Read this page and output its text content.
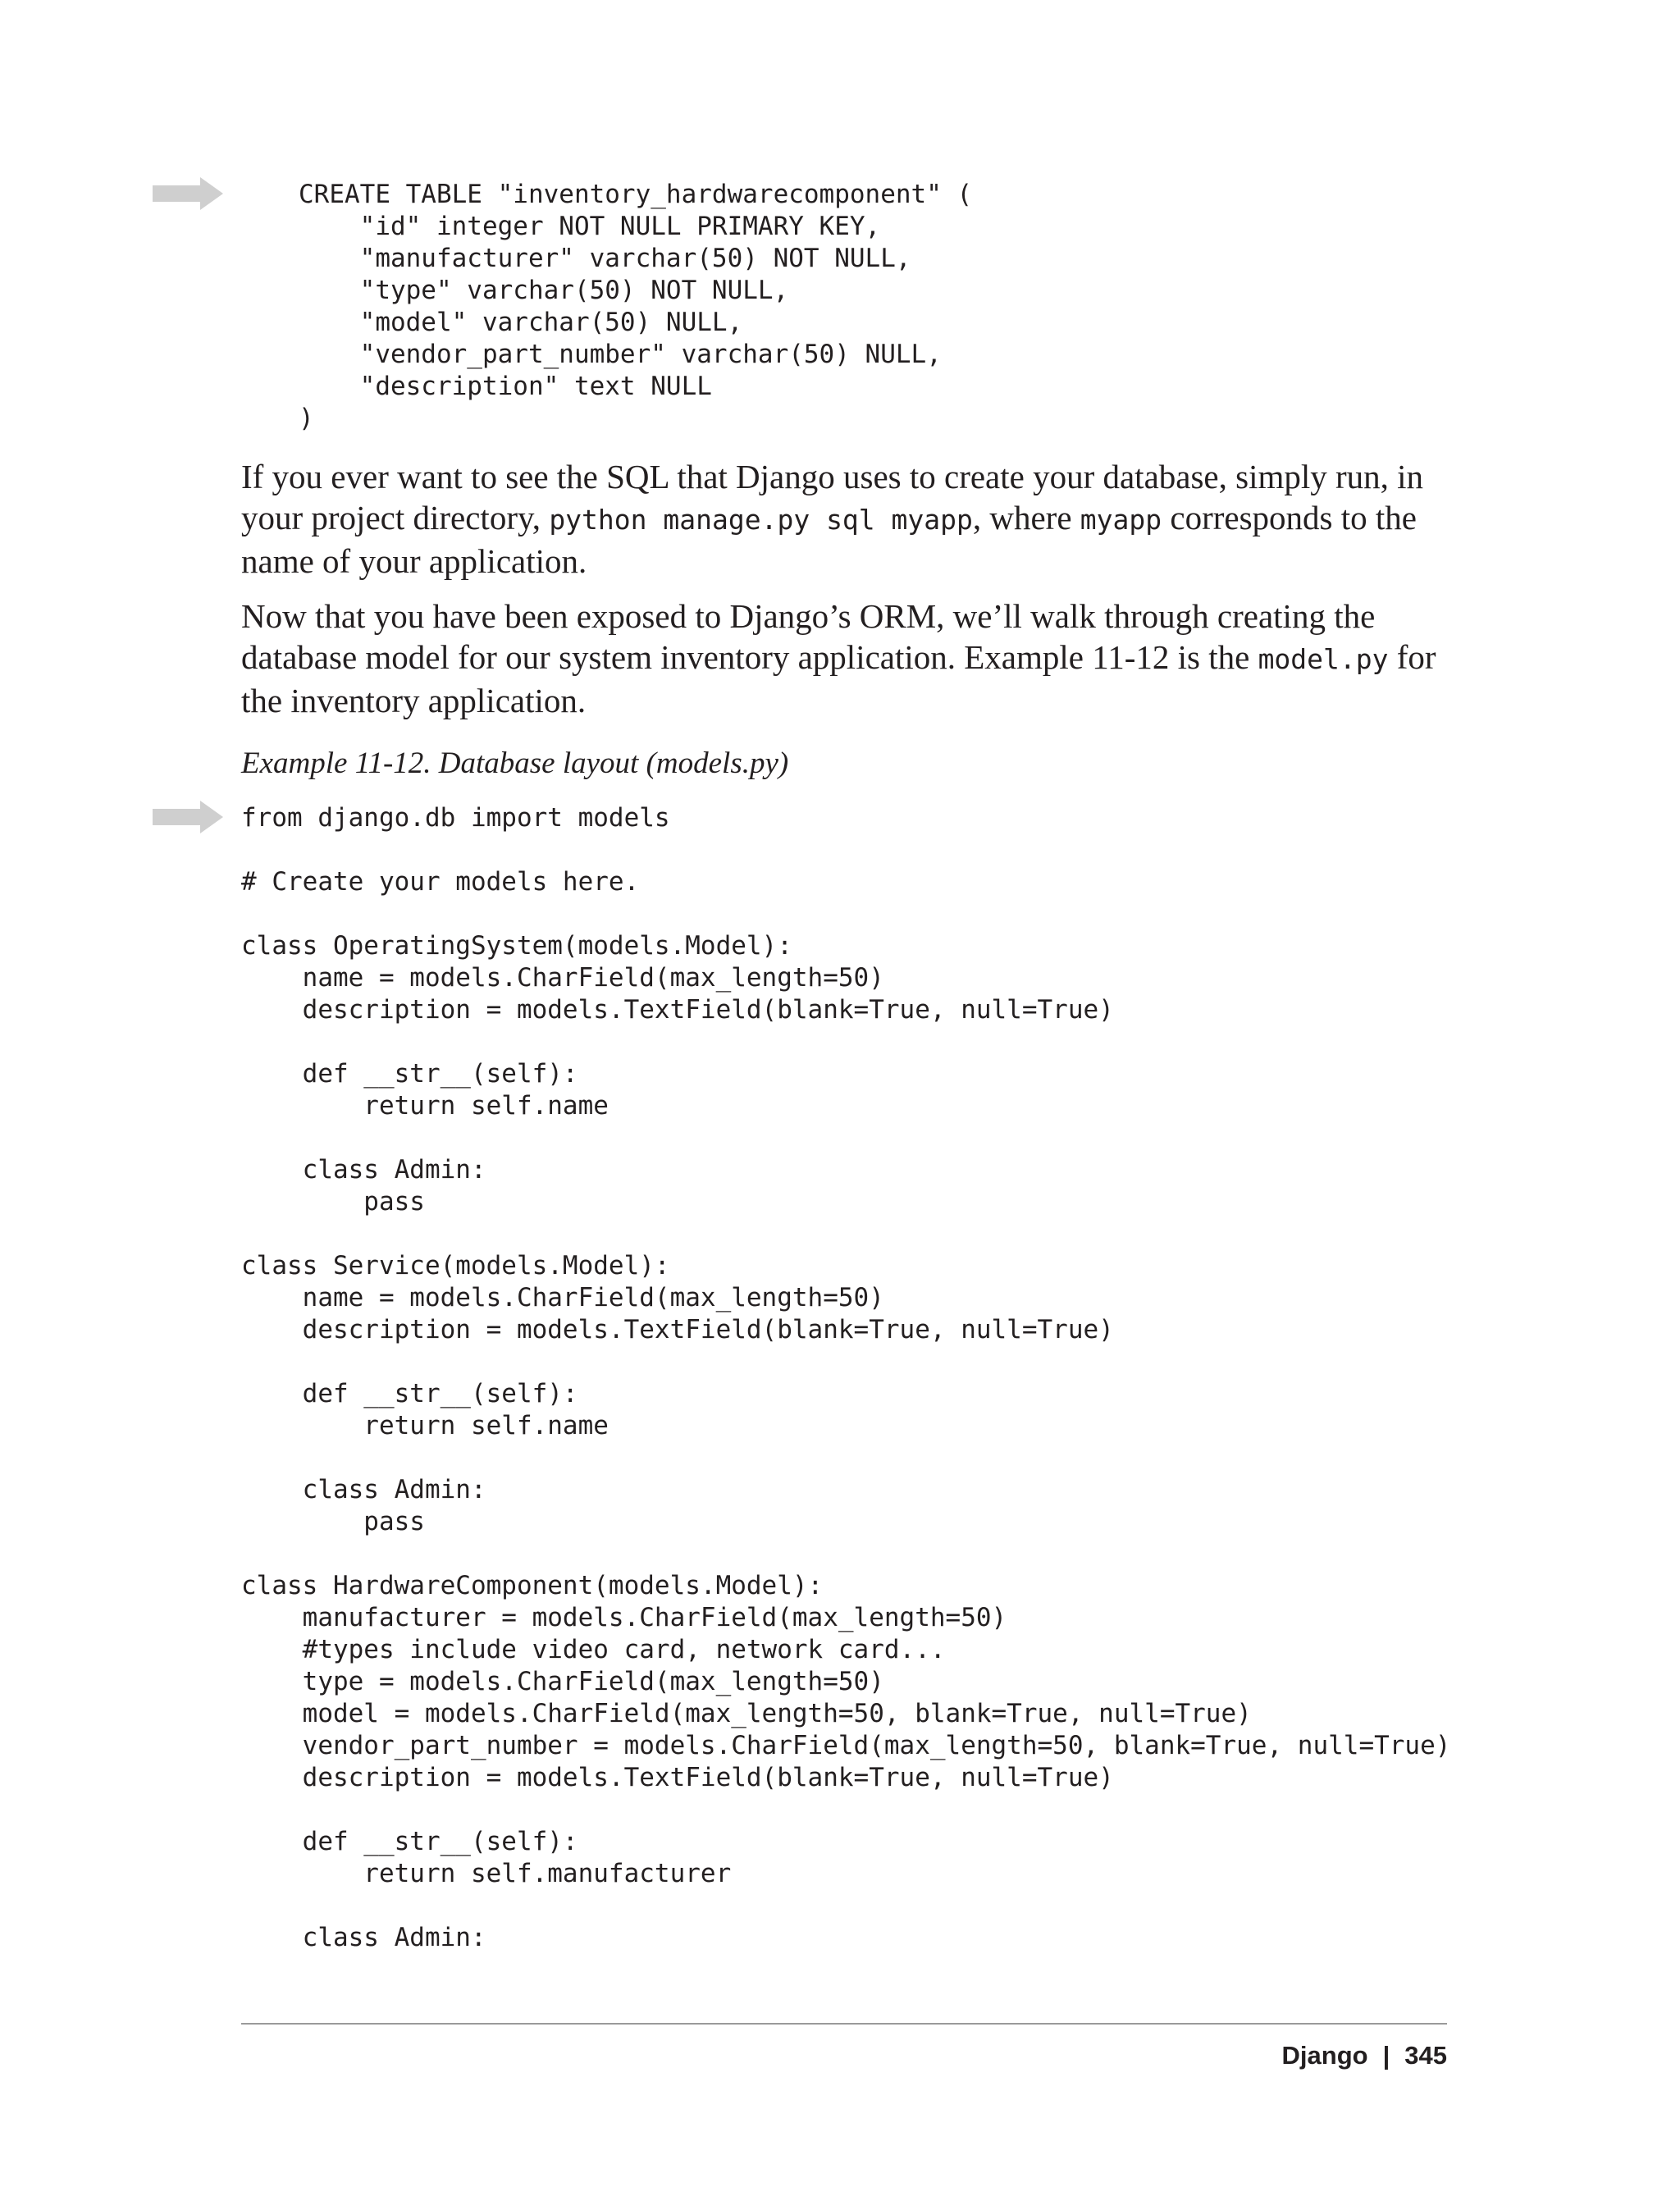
CREATE TABLE "inventory_hardwarecomponent" (
"id" integer NOT NULL PRIMARY KEY,
"manufacturer" varchar(50) NOT NULL,
"type" varchar(50) NOT NULL,
"model" varchar(50) NULL,
"vendor_part_number" varchar(50) NULL,
"description" text NULL
)

If you ever want to see the SQL that Django uses to create your database, simply run, in your project directory, python manage.py sql myapp, where myapp corresponds to the name of your application.

Now that you have been exposed to Django’s ORM, we’ll walk through creating the database model for our system inventory application. Example 11-12 is the model.py for the inventory application.

Example 11-12. Database layout (models.py)

from django.db import models
# Create your models here.
class OperatingSystem(models.Model):
name = models.CharField(max_length=50)
description = models.TextField(blank=True, null=True)
def __str__(self):
return self.name
class Admin:
pass
class Service(models.Model):
name = models.CharField(max_length=50)
description = models.TextField(blank=True, null=True)
def __str__(self):
return self.name
class Admin:
pass
class HardwareComponent(models.Model):
manufacturer = models.CharField(max_length=50)
#types include video card, network card...
type = models.CharField(max_length=50)
model = models.CharField(max_length=50, blank=True, null=True)
vendor_part_number = models.CharField(max_length=50, blank=True, null=True)
description = models.TextField(blank=True, null=True)
def __str__(self):
return self.manufacturer
class Admin:
Django | 345
